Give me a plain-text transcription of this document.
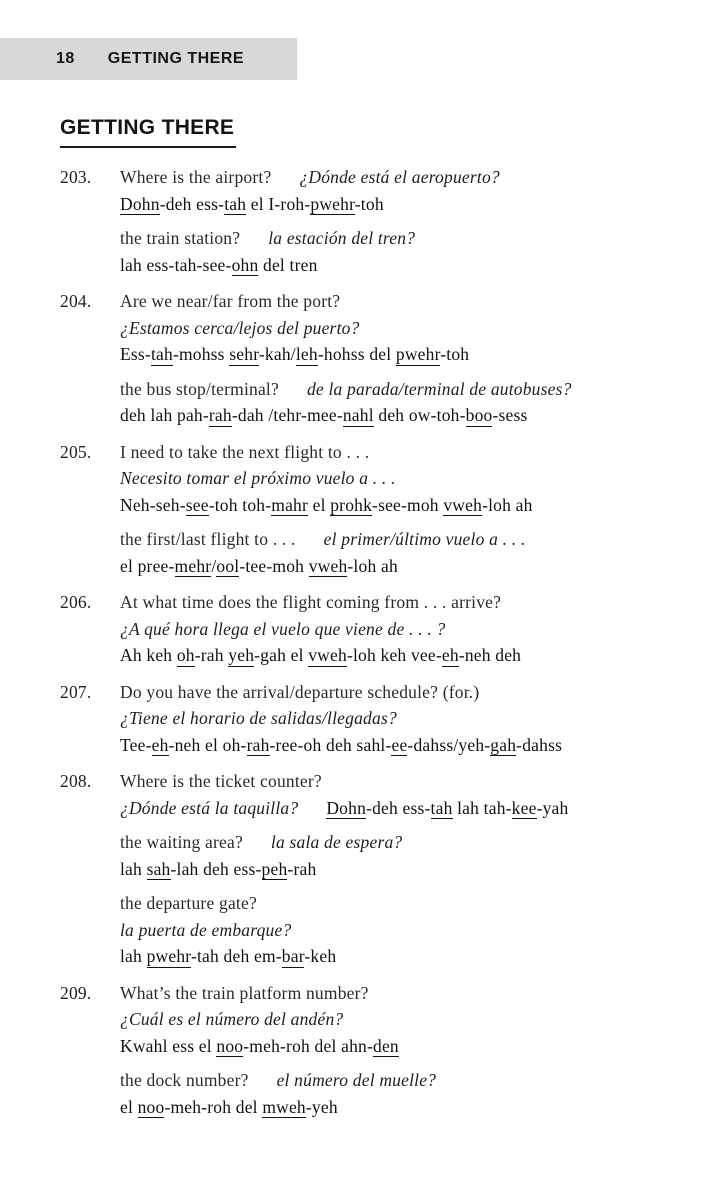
18 GETTING THERE
GETTING THERE
203.	Where is the airport? ¿Dónde está el aeropuerto?
Dohn-deh ess-tah el I-roh-pwehr-toh
the train station? la estación del tren?
lah ess-tah-see-ohn del tren
204.	Are we near/far from the port?
¿Estamos cerca/lejos del puerto?
Ess-tah-mohss sehr-kah/leh-hohss del pwehr-toh
the bus stop/terminal? de la parada/terminal de autobuses?
deh lah pah-rah-dah /tehr-mee-nahl deh ow-toh-boo-sess
205.	I need to take the next flight to . . .
Necesito tomar el próximo vuelo a . . .
Neh-seh-see-toh toh-mahr el prohk-see-moh vweh-loh ah
the first/last flight to . . . el primer/último vuelo a . . .
el pree-mehr/ool-tee-moh vweh-loh ah
206.	At what time does the flight coming from . . . arrive?
¿A qué hora llega el vuelo que viene de . . . ?
Ah keh oh-rah yeh-gah el vweh-loh keh vee-eh-neh deh
207.	Do you have the arrival/departure schedule? (for.)
¿Tiene el horario de salidas/llegadas?
Tee-eh-neh el oh-rah-ree-oh deh sahl-ee-dahss/yeh-gah-dahss
208.	Where is the ticket counter?
¿Dónde está la taquilla? Dohn-deh ess-tah lah tah-kee-yah
the waiting area? la sala de espera?
lah sah-lah deh ess-peh-rah
the departure gate?
la puerta de embarque?
lah pwehr-tah deh em-bar-keh
209.	What’s the train platform number?
¿Cuál es el número del andén?
Kwahl ess el noo-meh-roh del ahn-den
the dock number? el número del muelle?
el noo-meh-roh del mweh-yeh
